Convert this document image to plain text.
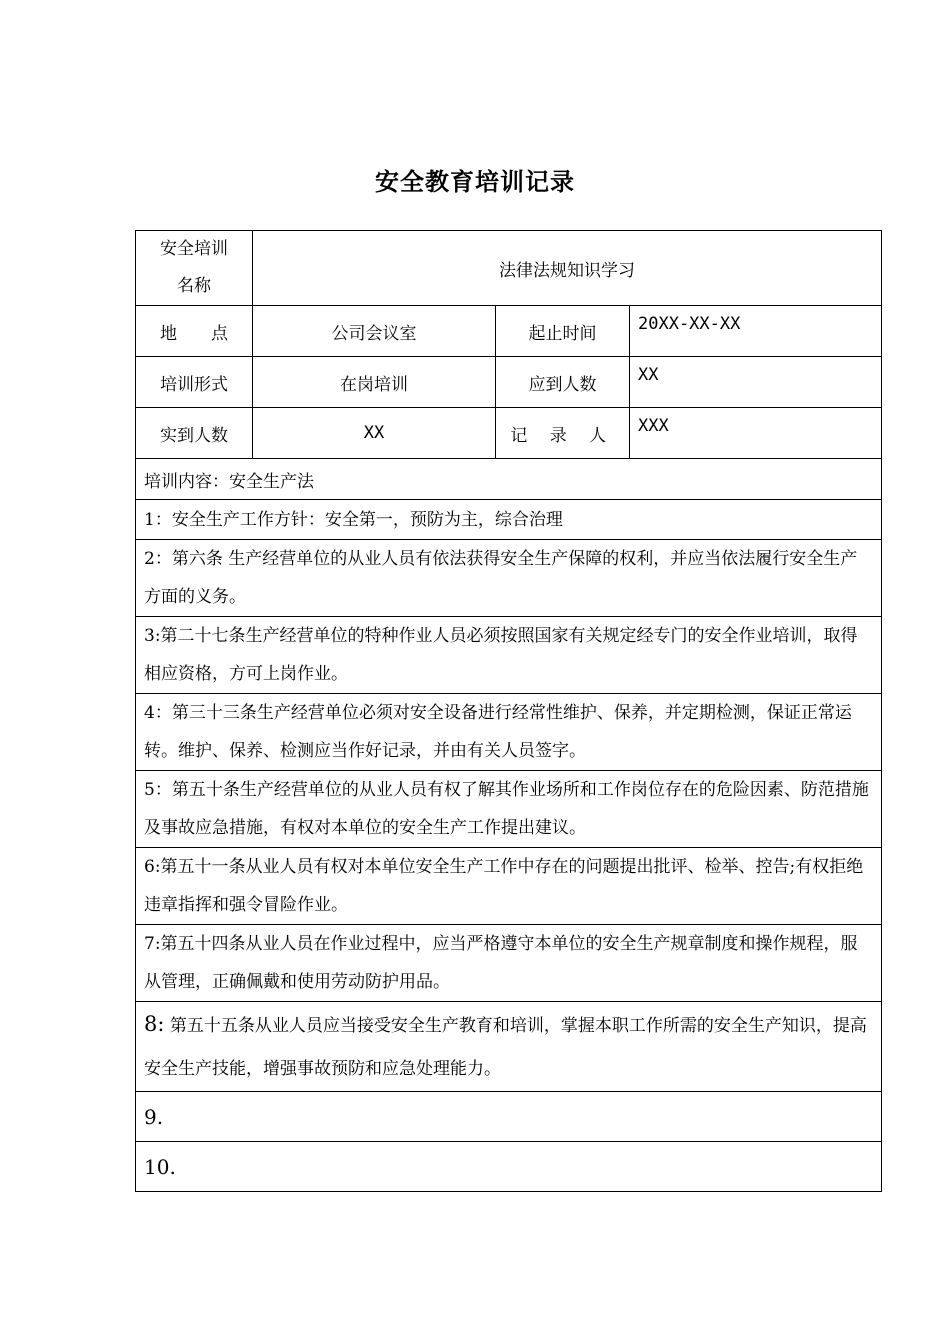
安全教育培训记录
安全培训名称	法律法规知识学习		
地　　点	公司会议室	起止时间	20XX-XX-XX
培训形式	在岗培训	应到人数	XX
实到人数	XX	记 录 人	XXX
培训内容：安全生产法			
1：安全生产工作方针：安全第一，预防为主，综合治理			
2：第六条 生产经营单位的从业人员有依法获得安全生产保障的权利，并应当依法履行安全生产方面的义务。			
3:第二十七条生产经营单位的特种作业人员必须按照国家有关规定经专门的安全作业培训，取得相应资格，方可上岗作业。			
4：第三十三条生产经营单位必须对安全设备进行经常性维护、保养，并定期检测，保证正常运转。维护、保养、检测应当作好记录，并由有关人员签字。			
5：第五十条生产经营单位的从业人员有权了解其作业场所和工作岗位存在的危险因素、防范措施及事故应急措施，有权对本单位的安全生产工作提出建议。			
6:第五十一条从业人员有权对本单位安全生产工作中存在的问题提出批评、检举、控告;有权拒绝违章指挥和强令冒险作业。			
7:第五十四条从业人员在作业过程中，应当严格遵守本单位的安全生产规章制度和操作规程，服从管理，正确佩戴和使用劳动防护用品。			
8: 第五十五条从业人员应当接受安全生产教育和培训，掌握本职工作所需的安全生产知识，提高安全生产技能，增强事故预防和应急处理能力。			
9.			
10.			
